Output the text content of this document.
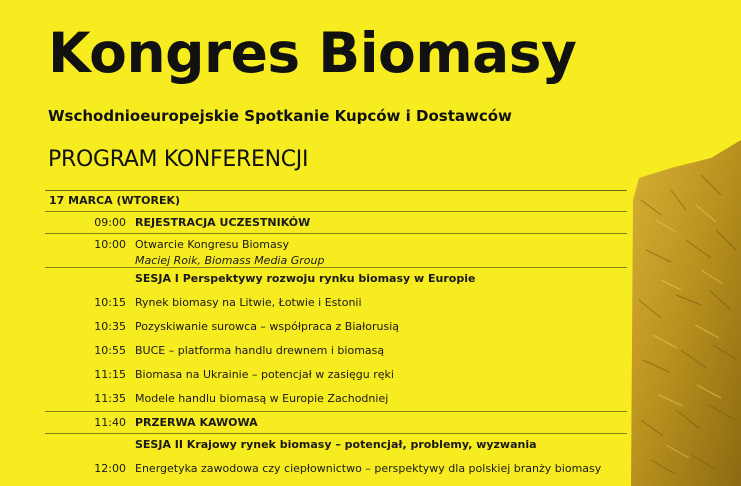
Kongres Biomasy
Wschodnioeuropejskie Spotkanie Kupców i Dostawców
PROGRAM KONFERENCJI
17 MARCA (WTOREK)
09:00 REJESTRACJA UCZESTNIKÓW
10:00 Otwarcie Kongresu Biomasy
Maciej Roik, Biomass Media Group
SESJA I Perspektywy rozwoju rynku biomasy w Europie
10:15 Rynek biomasy na Litwie, Łotwie i Estonii
10:35 Pozyskiwanie surowca – współpraca z Białorusią
10:55 BUCE – platforma handlu drewnem i biomasą
11:15 Biomasa na Ukrainie – potencjał w zasięgu ręki
11:35 Modele handlu biomasą w Europie Zachodniej
11:40 PRZERWA KAWOWA
SESJA II Krajowy rynek biomasy – potencjał, problemy, wyzwania
12:00 Energetyka zawodowa czy ciepłownictwo – perspektywy dla polskiej branży biomasy
